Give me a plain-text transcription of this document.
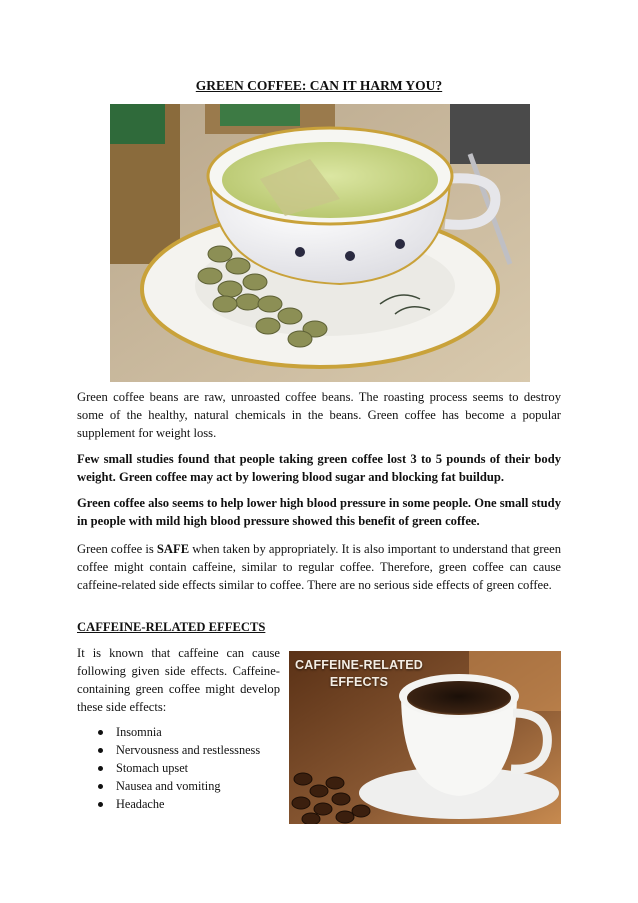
GREEN COFFEE: CAN IT HARM YOU?

Green coffee beans are raw, unroasted coffee beans. The roasting process seems to destroy some of the healthy, natural chemicals in the beans. Green coffee has become a popular supplement for weight loss.

Few small studies found that people taking green coffee lost 3 to 5 pounds of their body weight. Green coffee may act by lowering blood sugar and blocking fat buildup.

Green coffee also seems to help lower high blood pressure in some people. One small study in people with mild high blood pressure showed this benefit of green coffee.

Green coffee is SAFE when taken by appropriately. It is also important to understand that green coffee might contain caffeine, similar to regular coffee. Therefore, green coffee can cause caffeine-related side effects similar to coffee. There are no serious side effects of green coffee.

CAFFEINE-RELATED EFFECTS

It is known that caffeine can cause following given side effects. Caffeine-containing green coffee might develop these side effects:

Insomnia
Nervousness and restlessness
Stomach upset
Nausea and vomiting
Headache
CAFFEINE-RELATED EFFECTS
